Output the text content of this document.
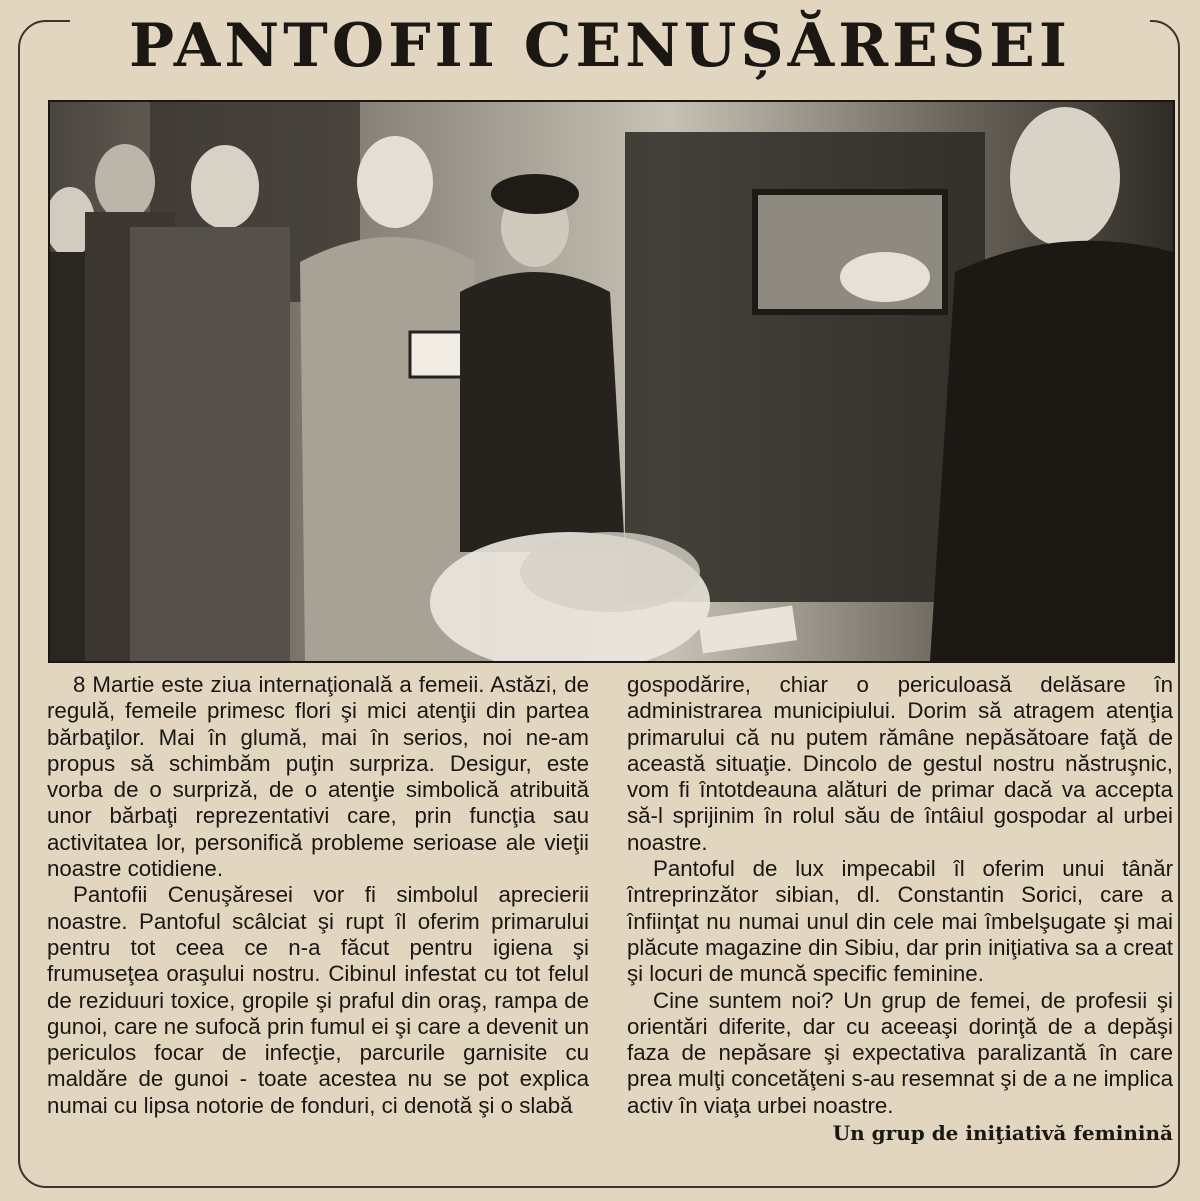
PANTOFII CENUȘĂRESEI

8 Martie este ziua internaţională a femeii. Astăzi, de regulă, femeile primesc flori şi mici atenţii din partea bărbaţilor. Mai în glumă, mai în serios, noi ne-am propus să schimbăm puţin surpriza. Desigur, este vorba de o surpriză, de o atenţie simbolică atribuită unor bărbaţi reprezentativi care, prin funcţia sau activitatea lor, personifică probleme serioase ale vieţii noastre cotidiene.

Pantofii Cenuşăresei vor fi simbolul aprecierii noastre. Pantoful scâlciat şi rupt îl oferim primarului pentru tot ceea ce n-a făcut pentru igiena şi frumuseţea oraşului nostru. Cibinul infestat cu tot felul de reziduuri toxice, gropile şi praful din oraş, rampa de gunoi, care ne sufocă prin fumul ei şi care a devenit un periculos focar de infecţie, parcurile garnisite cu maldăre de gunoi - toate acestea nu se pot explica numai cu lipsa notorie de fonduri, ci denotă şi o slabă

gospodărire, chiar o periculoasă delăsare în administrarea municipiului. Dorim să atragem atenţia primarului că nu putem rămâne nepăsătoare faţă de această situaţie. Dincolo de gestul nostru năstruşnic, vom fi întotdeauna alături de primar dacă va accepta să-l sprijinim în rolul său de întâiul gospodar al urbei noastre.

Pantoful de lux impecabil îl oferim unui tânăr întreprinzător sibian, dl. Constantin Sorici, care a înfiinţat nu numai unul din cele mai îmbelşugate şi mai plăcute magazine din Sibiu, dar prin iniţiativa sa a creat şi locuri de muncă specific feminine.

Cine suntem noi? Un grup de femei, de profesii şi orientări diferite, dar cu aceeaşi dorinţă de a depăşi faza de nepăsare şi expectativa paralizantă în care prea mulţi concetăţeni s-au resemnat şi de a ne implica activ în viaţa urbei noastre.
Un grup de iniţiativă feminină
